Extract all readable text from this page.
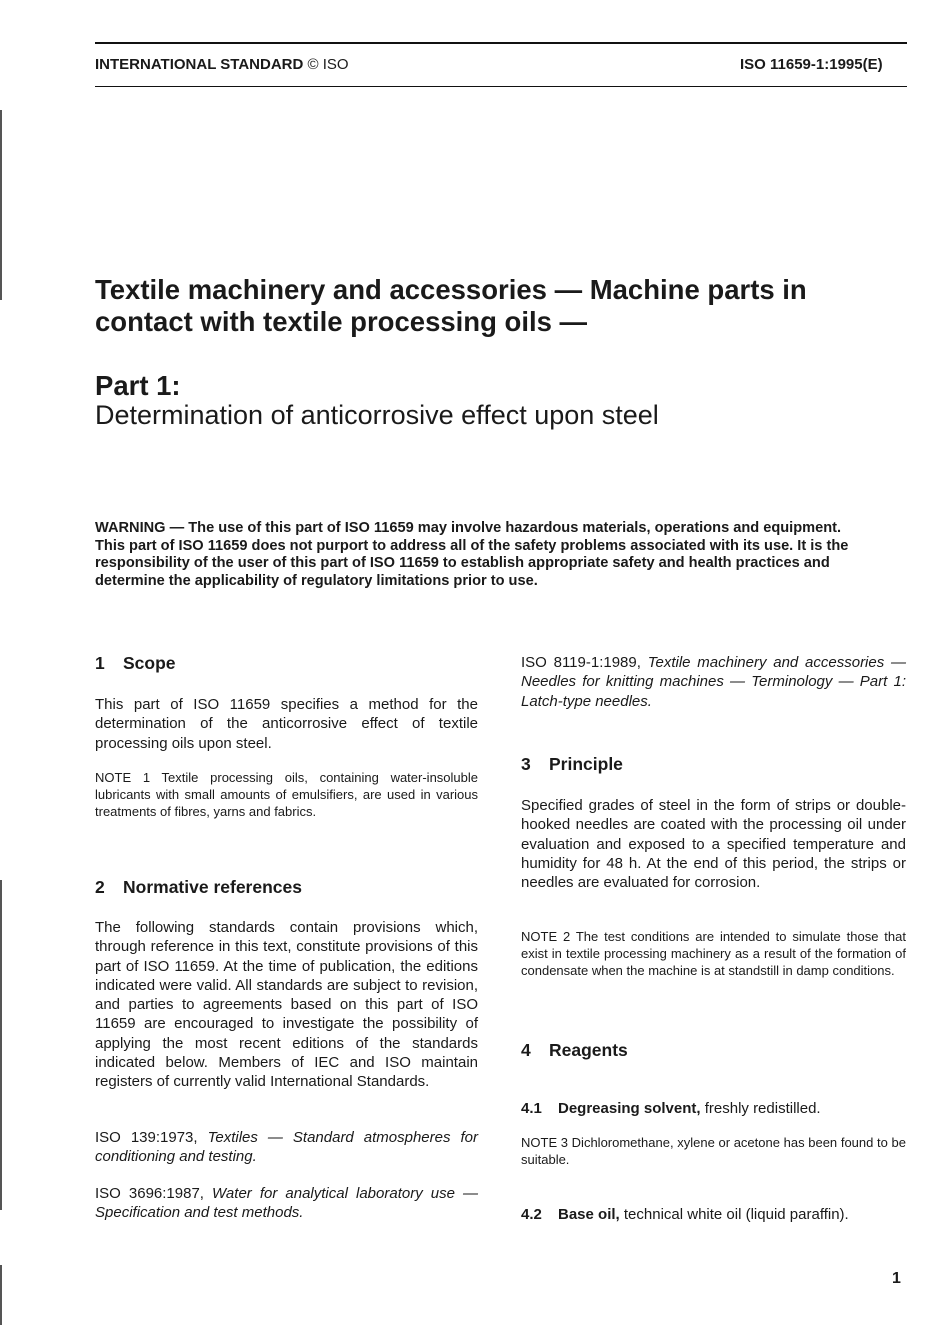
INTERNATIONAL STANDARD © ISO	ISO 11659-1:1995(E)
Textile machinery and accessories — Machine parts in
contact with textile processing oils —
Part 1:
Determination of anticorrosive effect upon steel

WARNING — The use of this part of ISO 11659 may involve hazardous materials, operations and equipment. This part of ISO 11659 does not purport to address all of the safety problems associated with its use. It is the responsibility of the user of this part of ISO 11659 to establish appropriate safety and health practices and determine the applicability of regulatory limitations prior to use.

1 Scope

This part of ISO 11659 specifies a method for the determination of the anticorrosive effect of textile processing oils upon steel.

NOTE 1 Textile processing oils, containing water-insoluble lubricants with small amounts of emulsifiers, are used in various treatments of fibres, yarns and fabrics.

2 Normative references

The following standards contain provisions which, through reference in this text, constitute provisions of this part of ISO 11659. At the time of publication, the editions indicated were valid. All standards are subject to revision, and parties to agreements based on this part of ISO 11659 are encouraged to investigate the possibility of applying the most recent editions of the standards indicated below. Members of IEC and ISO maintain registers of currently valid International Standards.

ISO 139:1973, Textiles — Standard atmospheres for conditioning and testing.

ISO 3696:1987, Water for analytical laboratory use — Specification and test methods.

ISO 8119-1:1989, Textile machinery and accessories — Needles for knitting machines — Terminology — Part 1: Latch-type needles.

3 Principle

Specified grades of steel in the form of strips or double-hooked needles are coated with the processing oil under evaluation and exposed to a specified temperature and humidity for 48 h. At the end of this period, the strips or needles are evaluated for corrosion.

NOTE 2 The test conditions are intended to simulate those that exist in textile processing machinery as a result of the formation of condensate when the machine is at standstill in damp conditions.

4 Reagents

4.1 Degreasing solvent, freshly redistilled.

NOTE 3 Dichloromethane, xylene or acetone has been found to be suitable.

4.2 Base oil, technical white oil (liquid paraffin).

1
